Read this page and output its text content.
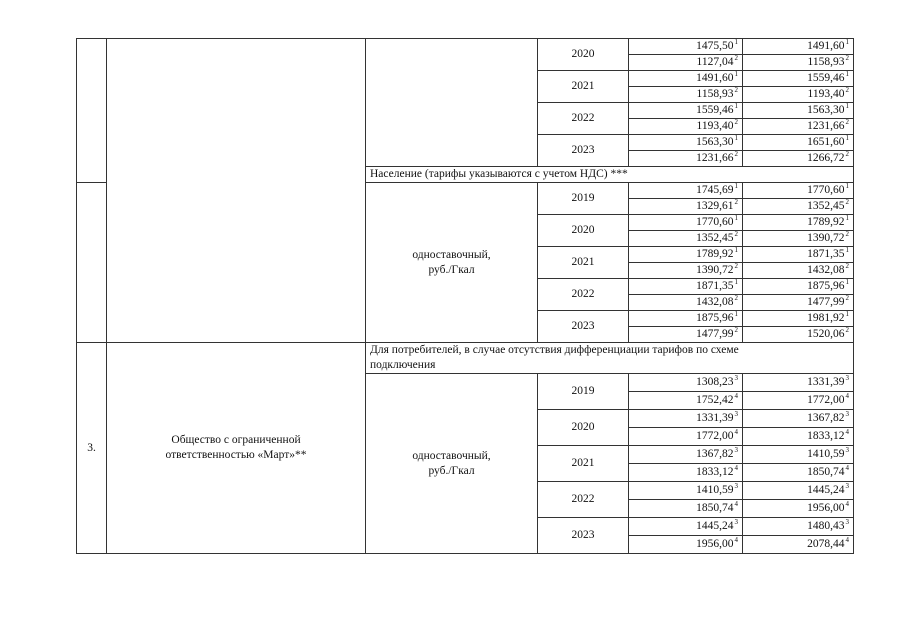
			2020	1475,50$^1$	1491,60$^1$
				1127,04$^2$	1158,93$^2$
			2021	1491,60$^1$	1559,46$^1$
				1158,93$^2$	1193,40$^2$
			2022	1559,46$^1$	1563,30$^1$
				1193,40$^2$	1231,66$^2$
			2023	1563,30$^1$	1651,60$^1$
				1231,66$^2$	1266,72$^2$
		Население (тарифы указываются с учетом НДС) ***			
		одноставочный,
руб./Гкал	2019	1745,69$^1$	1770,60$^1$
				1329,61$^2$	1352,45$^2$
			2020	1770,60$^1$	1789,92$^1$
				1352,45$^2$	1390,72$^2$
			2021	1789,92$^1$	1871,35$^1$
				1390,72$^2$	1432,08$^2$
			2022	1871,35$^1$	1875,96$^1$
				1432,08$^2$	1477,99$^2$
			2023	1875,96$^1$	1981,92$^1$
				1477,99$^2$	1520,06$^2$
3.	Общество с ограниченной
ответственностью «Март»**	Для потребителей, в случае отсутствия дифференциации тарифов по схеме
подключения			
		одноставочный,
руб./Гкал	2019	1308,23$^3$	1331,39$^3$
				1752,42$^4$	1772,00$^4$
			2020	1331,39$^3$	1367,82$^3$
				1772,00$^4$	1833,12$^4$
			2021	1367,82$^3$	1410,59$^3$
				1833,12$^4$	1850,74$^4$
			2022	1410,59$^3$	1445,24$^3$
				1850,74$^4$	1956,00$^4$
			2023	1445,24$^3$	1480,43$^3$
				1956,00$^4$	2078,44$^4$
